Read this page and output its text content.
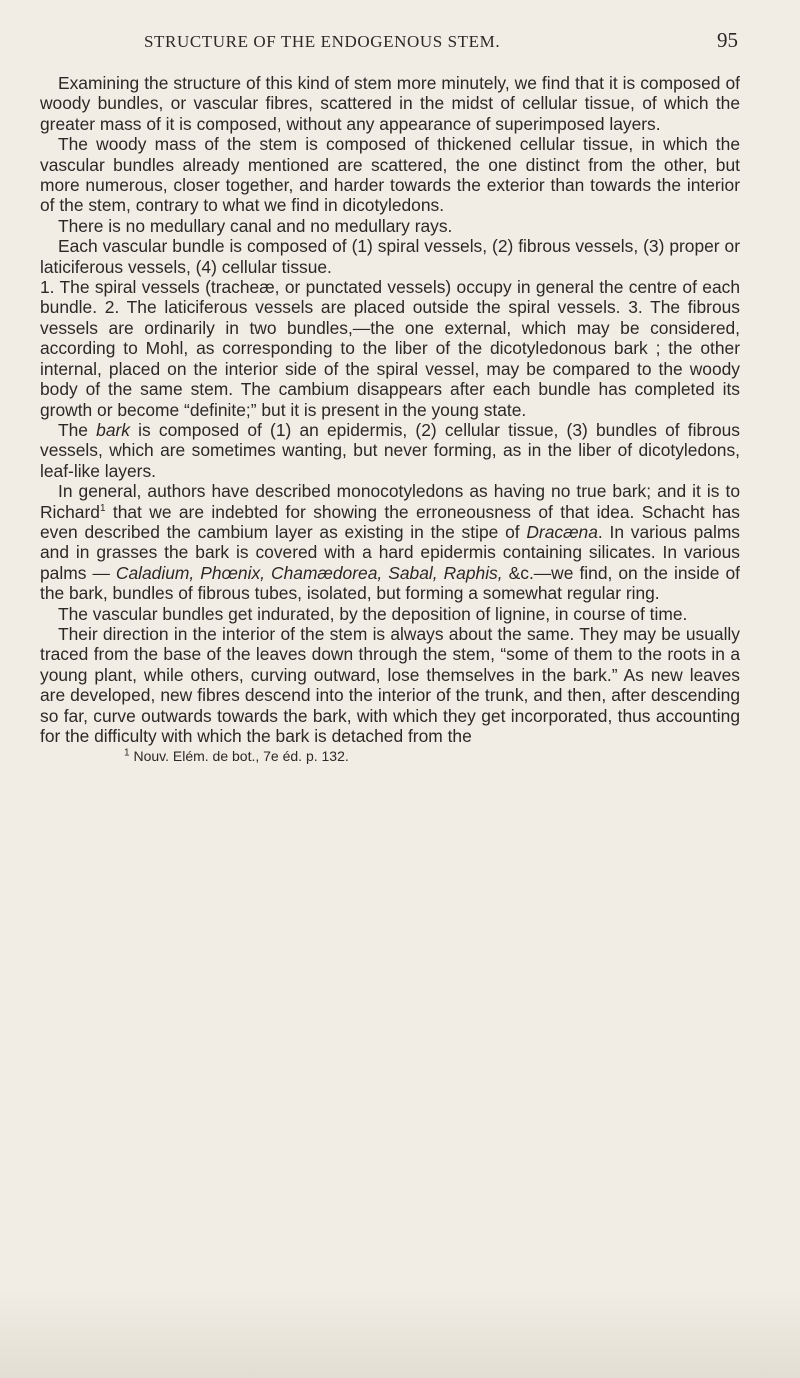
STRUCTURE OF THE ENDOGENOUS STEM.	95

Examining the structure of this kind of stem more minutely, we find that it is composed of woody bundles, or vascular fibres, scattered in the midst of cellular tissue, of which the greater mass of it is composed, without any appearance of superimposed layers.

The woody mass of the stem is composed of thickened cellular tissue, in which the vascular bundles already mentioned are scattered, the one distinct from the other, but more numerous, closer together, and harder towards the exterior than towards the interior of the stem, contrary to what we find in dicotyledons.

There is no medullary canal and no medullary rays.

Each vascular bundle is composed of (1) spiral vessels, (2) fibrous vessels, (3) proper or laticiferous vessels, (4) cellular tissue.

1. The spiral vessels (tracheæ, or punctated vessels) occupy in general the centre of each bundle. 2. The laticiferous vessels are placed outside the spiral vessels. 3. The fibrous vessels are ordinarily in two bundles,—the one external, which may be considered, according to Mohl, as corresponding to the liber of the dicotyledonous bark ; the other internal, placed on the interior side of the spiral vessel, may be compared to the woody body of the same stem. The cambium disappears after each bundle has completed its growth or become “definite;” but it is present in the young state.

The bark is composed of (1) an epidermis, (2) cellular tissue, (3) bundles of fibrous vessels, which are sometimes wanting, but never forming, as in the liber of dicotyledons, leaf-like layers.

In general, authors have described monocotyledons as having no true bark; and it is to Richard$^1$ that we are indebted for showing the erroneousness of that idea. Schacht has even described the cambium layer as existing in the stipe of Dracæna. In various palms and in grasses the bark is covered with a hard epidermis containing silicates. In various palms — Caladium, Phœnix, Chamædorea, Sabal, Raphis, &c.—we find, on the inside of the bark, bundles of fibrous tubes, isolated, but forming a somewhat regular ring.

The vascular bundles get indurated, by the deposition of lignine, in course of time.

Their direction in the interior of the stem is always about the same. They may be usually traced from the base of the leaves down through the stem, “some of them to the roots in a young plant, while others, curving outward, lose themselves in the bark.” As new leaves are developed, new fibres descend into the interior of the trunk, and then, after descending so far, curve outwards towards the bark, with which they get incorporated, thus accounting for the difficulty with which the bark is detached from the

$^1$ Nouv. Elém. de bot., 7e éd. p. 132.
